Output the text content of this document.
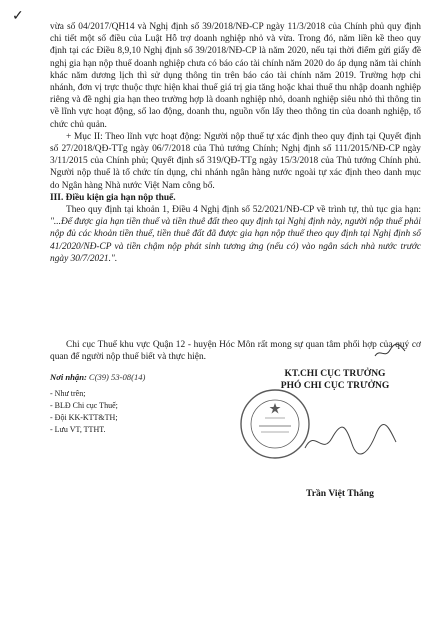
✓

vừa số 04/2017/QH14 và Nghị định số 39/2018/NĐ-CP ngày 11/3/2018 của Chính phủ quy định chi tiết một số điều của Luật Hỗ trợ doanh nghiệp nhỏ và vừa. Trong đó, năm liền kề theo quy định tại các Điều 8,9,10 Nghị định số 39/2018/NĐ-CP là năm 2020, nếu tại thời điểm gửi giấy đề nghị gia hạn nộp thuế doanh nghiệp chưa có báo cáo tài chính năm 2020 do áp dụng năm tài chính khác năm dương lịch thì sử dụng thông tin trên báo cáo tài chính năm 2019. Trường hợp chi nhánh, đơn vị trực thuộc thực hiện khai thuế giá trị gia tăng hoặc khai thuế thu nhập doanh nghiệp riêng và đề nghị gia hạn theo trường hợp là doanh nghiệp nhỏ, doanh nghiệp siêu nhỏ thì thông tin về lĩnh vực hoạt động, số lao động, doanh thu, nguồn vốn lấy theo thông tin của doanh nghiệp, tổ chức chủ quản.

+ Mục II: Theo lĩnh vực hoạt động: Người nộp thuế tự xác định theo quy định tại Quyết định số 27/2018/QĐ-TTg ngày 06/7/2018 của Thủ tướng Chính; Nghị định số 111/2015/NĐ-CP ngày 3/11/2015 của Chính phủ; Quyết định số 319/QĐ-TTg ngày 15/3/2018 của Thủ tướng Chính phủ. Người nộp thuế là tổ chức tín dụng, chi nhánh ngân hàng nước ngoài tự xác định theo danh mục do Ngân hàng Nhà nước Việt Nam công bố.

III. Điều kiện gia hạn nộp thuế.

Theo quy định tại khoản 1, Điều 4 Nghị định số 52/2021/NĐ-CP về trình tự, thủ tục gia hạn: "...Để được gia hạn tiền thuế và tiền thuê đất theo quy định tại Nghị định này, người nộp thuế phải nộp đủ các khoản tiền thuế, tiền thuê đất đã được gia hạn nộp thuế theo quy định tại Nghị định số 41/2020/NĐ-CP và tiền chậm nộp phát sinh tương ứng (nếu có) vào ngân sách nhà nước trước ngày 30/7/2021.".

Chi cục Thuế khu vực Quận 12 - huyện Hóc Môn rất mong sự quan tâm phối hợp của quý cơ quan để người nộp thuế biết và thực hiện.

Nơi nhận: C(39) 53-08(14)

- Như trên;

- BLĐ Chi cục Thuế;

- Đội KK-KTT&TH;

- Lưu VT, TTHT.

KT.CHI CỤC TRƯỞNG
PHÓ CHI CỤC TRƯỞNG
Trần Việt Thắng
